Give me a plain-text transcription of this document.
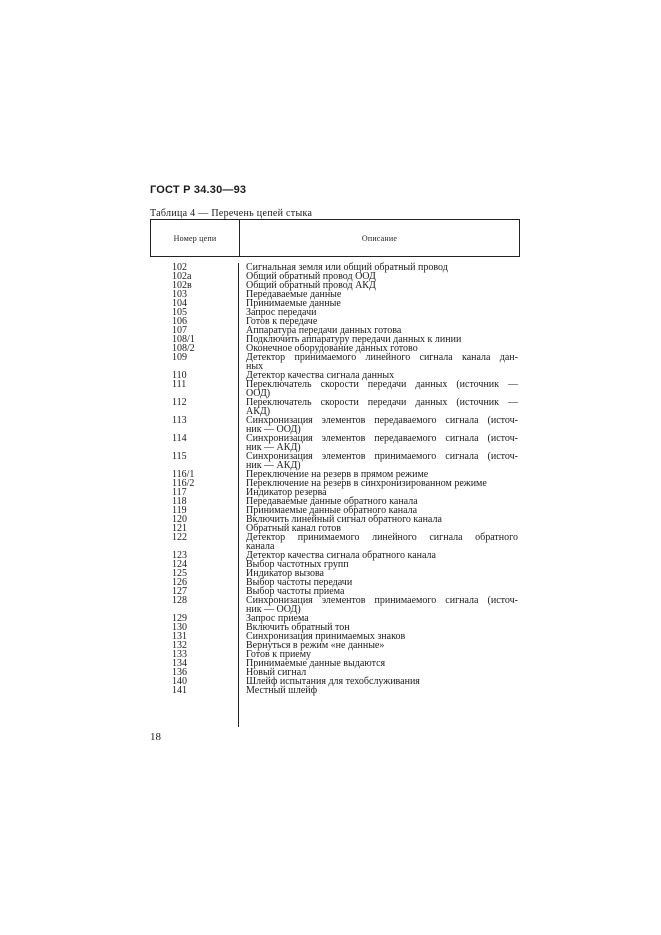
ГОСТ Р 34.30—93
Таблица 4 — Перечень цепей стыка
Номер цепи	Описание
102	Сигнальная земля или общий обратный провод
102а	Общий обратный провод ООД
102в	Общий обратный провод АКД
103	Передаваемые данные
104	Принимаемые данные
105	Запрос передачи
106	Готов к передаче
107	Аппаратура передачи данных готова
108/1	Подключить аппаратуру передачи данных к линии
108/2	Оконечное оборудование данных готово
109	Детектор принимаемого линейного сигнала канала дан-
ных
110	Детектор качества сигнала данных
111	Переключатель скорости передачи данных (источник —
ООД)
112	Переключатель скорости передачи данных (источник —
АКД)
113	Синхронизация элементов передаваемого сигнала (источ-
ник — ООД)
114	Синхронизация элементов передаваемого сигнала (источ-
ник — АКД)
115	Синхронизация элементов принимаемого сигнала (источ-
ник — АКД)
116/1	Переключение на резерв в прямом режиме
116/2	Переключение на резерв в синхронизированном режиме
117	Индикатор резерва
118	Передаваемые данные обратного канала
119	Принимаемые данные обратного канала
120	Включить линейный сигнал обратного канала
121	Обратный канал готов
122	Детектор принимаемого линейного сигнала обратного
канала
123	Детектор качества сигнала обратного канала
124	Выбор частотных групп
125	Индикатор вызова
126	Выбор частоты передачи
127	Выбор частоты приема
128	Синхронизация элементов принимаемого сигнала (источ-
ник — ООД)
129	Запрос приема
130	Включить обратный тон
131	Синхронизация принимаемых знаков
132	Вернуться в режим «не данные»
133	Готов к приему
134	Принимаемые данные выдаются
136	Новый сигнал
140	Шлейф испытания для техобслуживания
141	Местный шлейф
18
